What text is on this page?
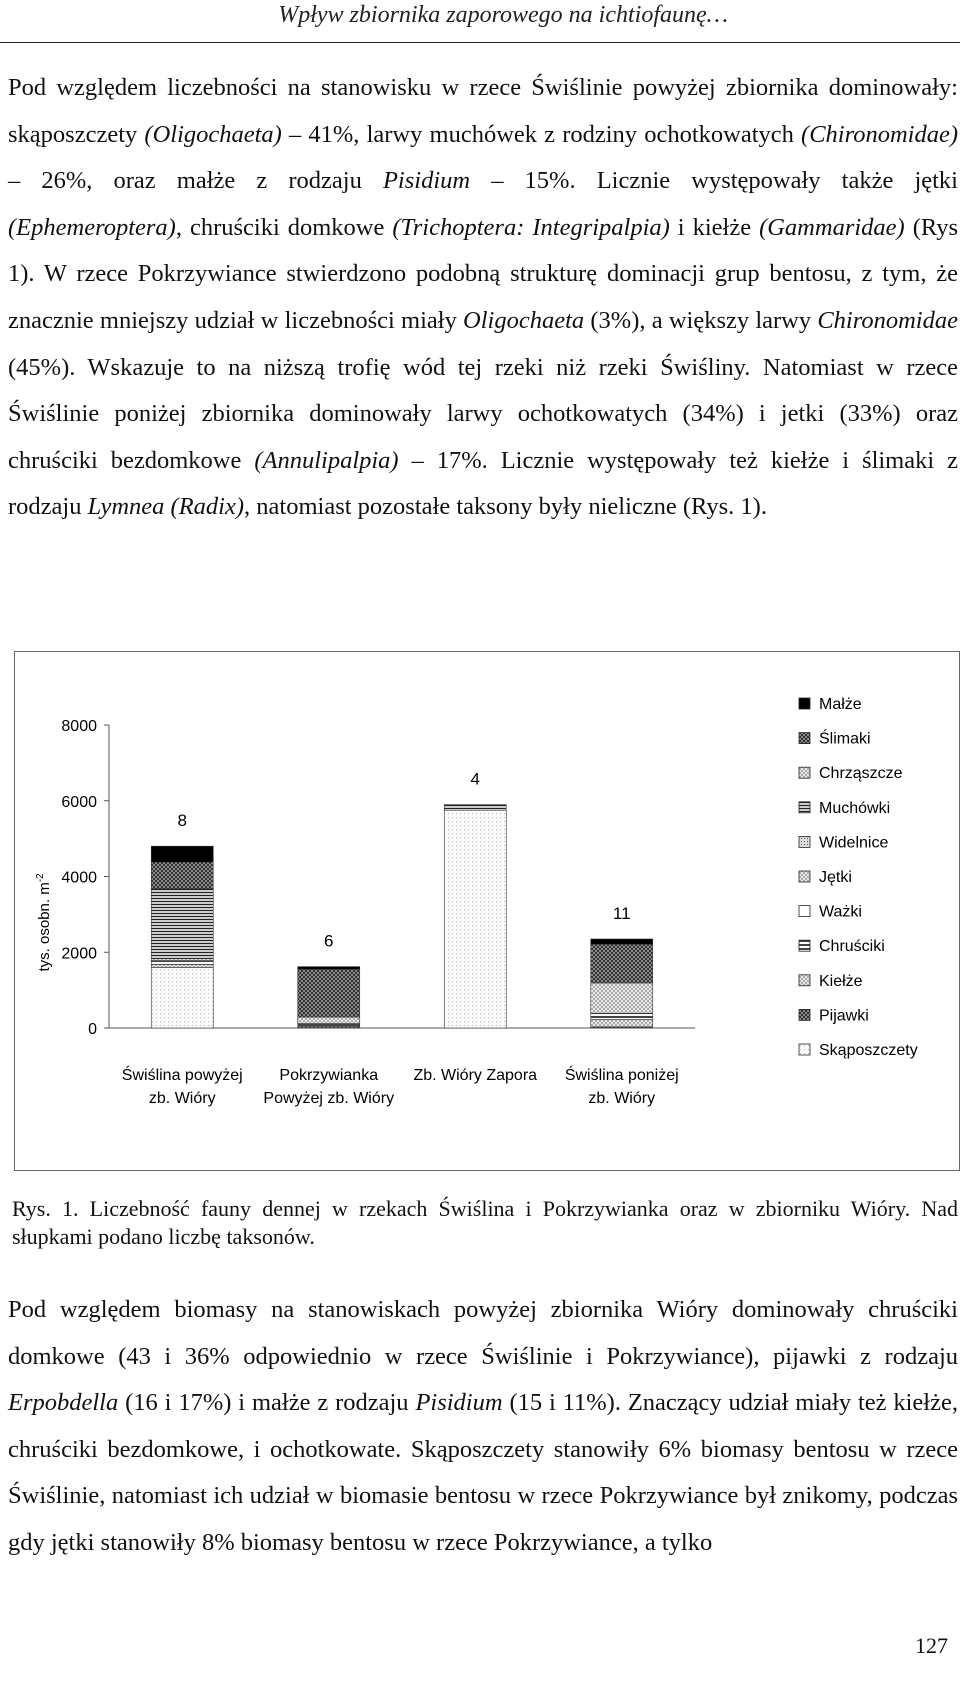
Wpływ zbiornika zaporowego na ichtiofaunę…

Pod względem liczebności na stanowisku w rzece Świślinie powyżej zbiornika dominowały: skąposzczety (Oligochaeta) – 41%, larwy muchówek z rodziny ochotkowatych (Chironomidae) – 26%, oraz małże z rodzaju Pisidium – 15%. Licznie występowały także jętki (Ephemeroptera), chruściki domkowe (Trichoptera: Integripalpia) i kiełże (Gammaridae) (Rys 1). W rzece Pokrzywiance stwierdzono podobną strukturę dominacji grup bentosu, z tym, że znacznie mniejszy udział w liczebności miały Oligochaeta (3%), a większy larwy Chironomidae (45%). Wskazuje to na niższą trofię wód tej rzeki niż rzeki Świśliny. Natomiast w rzece Świślinie poniżej zbiornika dominowały larwy ochotkowatych (34%) i jetki (33%) oraz chruściki bezdomkowe (Annulipalpia) – 17%. Licznie występowały też kiełże i ślimaki z rodzaju Lymnea (Radix), natomiast pozostałe taksony były nieliczne (Rys. 1).

0
2000
4000
6000
8000
tys. osobn. $m^{-2}$
8
Świślina powyżej
zb. Wióry
6
Pokrzywianka
Powyżej zb. Wióry
4
Zb. Wióry Zapora
11
Świślina poniżej
zb. Wióry
Małże
Ślimaki
Chrząszcze
Muchówki
Widelnice
Jętki
Ważki
Chruściki
Kiełże
Pijawki
Skąposzczety

Rys. 1. Liczebność fauny dennej w rzekach Świślina i Pokrzywianka oraz w zbiorniku Wióry. Nad słupkami podano liczbę taksonów.

Pod względem biomasy na stanowiskach powyżej zbiornika Wióry dominowały chruściki domkowe (43 i 36% odpowiednio w rzece Świślinie i Pokrzywiance), pijawki z rodzaju Erpobdella (16 i 17%) i małże z rodzaju Pisidium (15 i 11%). Znaczący udział miały też kiełże, chruściki bezdomkowe, i ochotkowate. Skąposzczety stanowiły 6% biomasy bentosu w rzece Świślinie, natomiast ich udział w biomasie bentosu w rzece Pokrzywiance był znikomy, podczas gdy jętki stanowiły 8% biomasy bentosu w rzece Pokrzywiance, a tylko

127
